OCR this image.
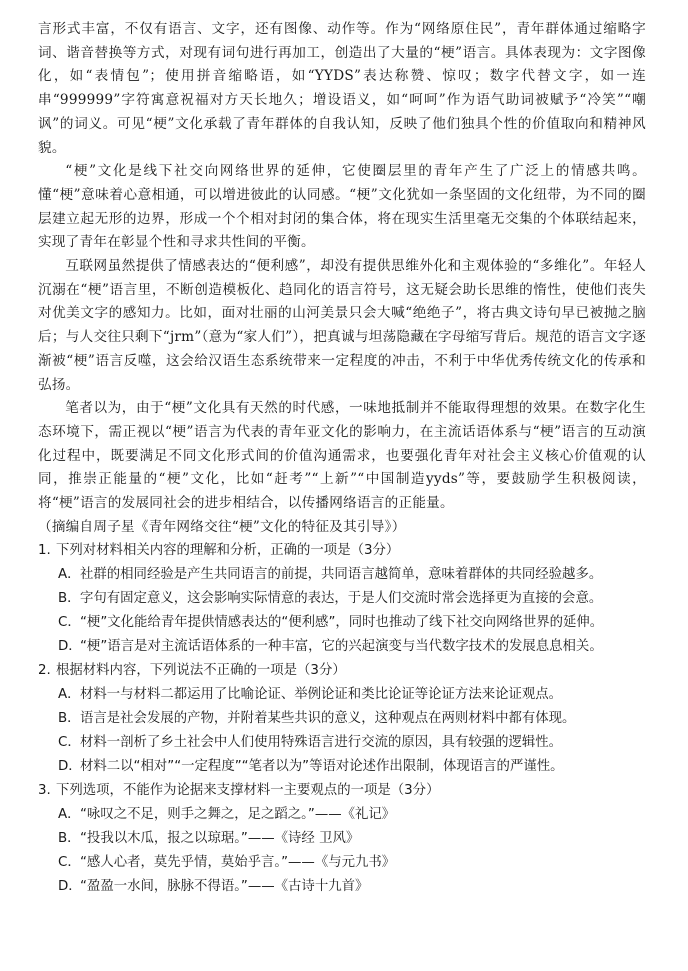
言形式丰富，不仅有语言、文字，还有图像、动作等。作为“网络原住民”，青年群体通过缩略字词、谐音替换等方式，对现有词句进行再加工，创造出了大量的“梗”语言。具体表现为：文字图像化，如“表情包”；使用拼音缩略语，如“YYDS”表达称赞、惊叹；数字代替文字，如一连串“999999”字符寓意祝福对方天长地久；增设语义，如“呵呵”作为语气助词被赋予“冷笑”“嘲讽”的词义。可见“梗”文化承载了青年群体的自我认知，反映了他们独具个性的价值取向和精神风貌。

“梗”文化是线下社交向网络世界的延伸，它使圈层里的青年产生了广泛上的情感共鸣。懂“梗”意味着心意相通，可以增进彼此的认同感。“梗”文化犹如一条坚固的文化纽带，为不同的圈层建立起无形的边界，形成一个个相对封闭的集合体，将在现实生活里毫无交集的个体联结起来，实现了青年在彰显个性和寻求共性间的平衡。

互联网虽然提供了情感表达的“便利感”，却没有提供思维外化和主观体验的“多维化”。年轻人沉溺在“梗”语言里，不断创造模板化、趋同化的语言符号，这无疑会助长思维的惰性，使他们丧失对优美文字的感知力。比如，面对壮丽的山河美景只会大喊“绝绝子”，将古典文诗句早已被抛之脑后；与人交往只剩下“jrm”（意为“家人们”），把真诚与坦荡隐藏在字母缩写背后。规范的语言文字逐渐被“梗”语言反噬，这会给汉语生态系统带来一定程度的冲击，不利于中华优秀传统文化的传承和弘扬。

笔者以为，由于“梗”文化具有天然的时代感，一味地抵制并不能取得理想的效果。在数字化生态环境下，需正视以“梗”语言为代表的青年亚文化的影响力，在主流话语体系与“梗”语言的互动演化过程中，既要满足不同文化形式间的价值沟通需求，也要强化青年对社会主义核心价值观的认同，推崇正能量的“梗”文化，比如“赶考”“上新”“中国制造yyds”等，要鼓励学生积极阅读，将“梗”语言的发展同社会的进步相结合，以传播网络语言的正能量。

（摘编自周子星《青年网络交往“梗”文化的特征及其引导》）

1. 下列对材料相关内容的理解和分析，正确的一项是（3分）

A．社群的相同经验是产生共同语言的前提，共同语言越简单，意味着群体的共同经验越多。

B．字句有固定意义，这会影响实际情意的表达，于是人们交流时常会选择更为直接的会意。

C．“梗”文化能给青年提供情感表达的“便利感”，同时也推动了线下社交向网络世界的延伸。

D．“梗”语言是对主流话语体系的一种丰富，它的兴起演变与当代数字技术的发展息息相关。

2. 根据材料内容，下列说法不正确的一项是（3分）

A．材料一与材料二都运用了比喻论证、举例论证和类比论证等论证方法来论证观点。

B．语言是社会发展的产物，并附着某些共识的意义，这种观点在两则材料中都有体现。

C．材料一剖析了乡土社会中人们使用特殊语言进行交流的原因，具有较强的逻辑性。

D．材料二以“相对”“一定程度”“笔者以为”等语对论述作出限制，体现语言的严谨性。

3. 下列选项，不能作为论据来支撑材料一主要观点的一项是（3分）

A．“咏叹之不足，则手之舞之，足之蹈之。”——《礼记》

B．“投我以木瓜，报之以琼琚。”——《诗经 卫风》

C．“感人心者，莫先乎情，莫始乎言。”——《与元九书》

D．“盈盈一水间，脉脉不得语。”——《古诗十九首》
